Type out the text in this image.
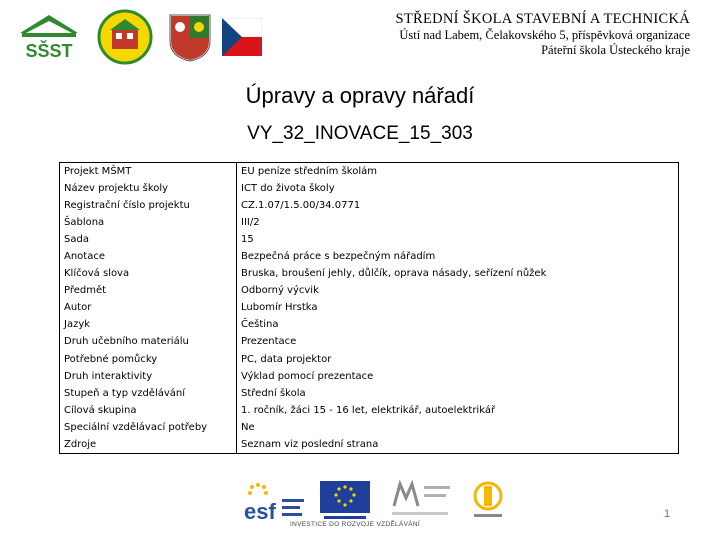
SŠST
STŘEDNÍ ŠKOLA STAVEBNÍ A TECHNICKÁ
Ústí nad Labem, Čelakovského 5, příspěvková organizace
Páteřní škola Ústeckého kraje
Úpravy a opravy nářadí
VY_32_INOVACE_15_303
Projekt MŠMT	EU peníze středním školám
Název projektu školy	ICT do života školy
Registrační číslo projektu	CZ.1.07/1.5.00/34.0771
Šablona	III/2
Sada	15
Anotace	Bezpečná práce s bezpečným nářadím
Klíčová slova	Bruska, broušení jehly, důlčík, oprava násady, seřízení nůžek
Předmět	Odborný výcvik
Autor	Lubomír Hrstka
Jazyk	Čeština
Druh učebního materiálu	Prezentace
Potřebné pomůcky	PC, data projektor
Druh interaktivity	Výklad pomocí prezentace
Stupeň a typ vzdělávání	Střední škola
Cílová skupina	1. ročník, žáci 15 - 16 let, elektrikář, autoelektrikář
Speciální vzdělávací potřeby	Ne
Zdroje	Seznam viz poslední strana
esf
INVESTICE DO ROZVOJE VZDĚLÁVÁNÍ
1
